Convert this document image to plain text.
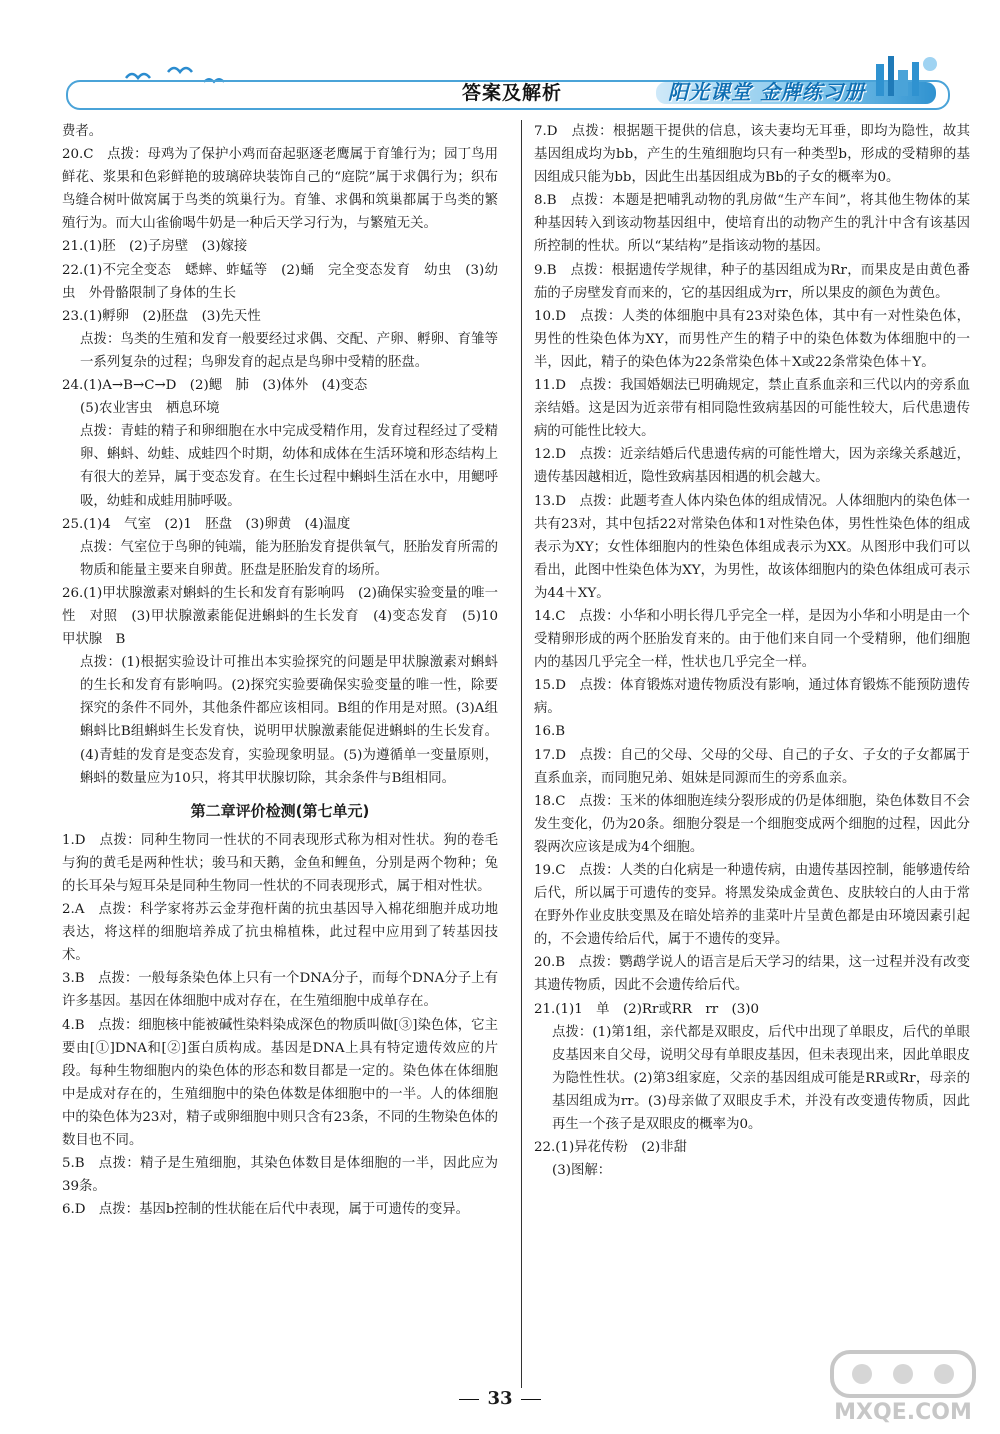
答案及解析	阳光课堂 金牌练习册

费者。

20.C　点拨：母鸡为了保护小鸡而奋起驱逐老鹰属于育雏行为；园丁鸟用鲜花、浆果和色彩鲜艳的玻璃碎块装饰自己的“庭院”属于求偶行为；织布鸟缝合树叶做窝属于鸟类的筑巢行为。育雏、求偶和筑巢都属于鸟类的繁殖行为。而大山雀偷喝牛奶是一种后天学习行为，与繁殖无关。

21.(1)胚　(2)子房壁　(3)嫁接

22.(1)不完全变态　蟋蟀、蚱蜢等　(2)蛹　完全变态发育　幼虫　(3)幼虫　外骨骼限制了身体的生长

23.(1)孵卵　(2)胚盘　(3)先天性

点拨：鸟类的生殖和发育一般要经过求偶、交配、产卵、孵卵、育雏等一系列复杂的过程；鸟卵发育的起点是鸟卵中受精的胚盘。

24.(1)A→B→C→D　(2)鳃　肺　(3)体外　(4)变态

(5)农业害虫　栖息环境

点拨：青蛙的精子和卵细胞在水中完成受精作用，发育过程经过了受精卵、蝌蚪、幼蛙、成蛙四个时期，幼体和成体在生活环境和形态结构上有很大的差异，属于变态发育。在生长过程中蝌蚪生活在水中，用鳃呼吸，幼蛙和成蛙用肺呼吸。

25.(1)4　气室　(2)1　胚盘　(3)卵黄　(4)温度

点拨：气室位于鸟卵的钝端，能为胚胎发育提供氧气，胚胎发育所需的物质和能量主要来自卵黄。胚盘是胚胎发育的场所。

26.(1)甲状腺激素对蝌蚪的生长和发育有影响吗　(2)确保实验变量的唯一性　对照　(3)甲状腺激素能促进蝌蚪的生长发育　(4)变态发育　(5)10　甲状腺　B

点拨：(1)根据实验设计可推出本实验探究的问题是甲状腺激素对蝌蚪的生长和发育有影响吗。(2)探究实验要确保实验变量的唯一性，除要探究的条件不同外，其他条件都应该相同。B组的作用是对照。(3)A组蝌蚪比B组蝌蚪生长发育快，说明甲状腺激素能促进蝌蚪的生长发育。(4)青蛙的发育是变态发育，实验现象明显。(5)为遵循单一变量原则，蝌蚪的数量应为10只，将其甲状腺切除，其余条件与B组相同。

第二章评价检测(第七单元)

1.D　点拨：同种生物同一性状的不同表现形式称为相对性状。狗的卷毛与狗的黄毛是两种性状；骏马和天鹅，金鱼和鲤鱼，分别是两个物种；兔的长耳朵与短耳朵是同种生物同一性状的不同表现形式，属于相对性状。

2.A　点拨：科学家将苏云金芽孢杆菌的抗虫基因导入棉花细胞并成功地表达，将这样的细胞培养成了抗虫棉植株，此过程中应用到了转基因技术。

3.B　点拨：一般每条染色体上只有一个DNA分子，而每个DNA分子上有许多基因。基因在体细胞中成对存在，在生殖细胞中成单存在。

4.B　点拨：细胞核中能被碱性染料染成深色的物质叫做[③]染色体，它主要由[①]DNA和[②]蛋白质构成。基因是DNA上具有特定遗传效应的片段。每种生物细胞内的染色体的形态和数目都是一定的。染色体在体细胞中是成对存在的，生殖细胞中的染色体数是体细胞中的一半。人的体细胞中的染色体为23对，精子或卵细胞中则只含有23条，不同的生物染色体的数目也不同。

5.B　点拨：精子是生殖细胞，其染色体数目是体细胞的一半，因此应为39条。

6.D　点拨：基因b控制的性状能在后代中表现，属于可遗传的变异。

7.D　点拨：根据题干提供的信息，该夫妻均无耳垂，即均为隐性，故其基因组成均为bb，产生的生殖细胞均只有一种类型b，形成的受精卵的基因组成只能为bb，因此生出基因组成为Bb的子女的概率为0。

8.B　点拨：本题是把哺乳动物的乳房做“生产车间”，将其他生物体的某种基因转入到该动物基因组中，使培育出的动物产生的乳汁中含有该基因所控制的性状。所以“某结构”是指该动物的基因。

9.B　点拨：根据遗传学规律，种子的基因组成为Rr，而果皮是由黄色番茄的子房壁发育而来的，它的基因组成为rr，所以果皮的颜色为黄色。

10.D　点拨：人类的体细胞中具有23对染色体，其中有一对性染色体，男性的性染色体为XY，而男性产生的精子中的染色体数为体细胞中的一半，因此，精子的染色体为22条常染色体＋X或22条常染色体＋Y。

11.D　点拨：我国婚姻法已明确规定，禁止直系血亲和三代以内的旁系血亲结婚。这是因为近亲带有相同隐性致病基因的可能性较大，后代患遗传病的可能性比较大。

12.D　点拨：近亲结婚后代患遗传病的可能性增大，因为亲缘关系越近，遗传基因越相近，隐性致病基因相遇的机会越大。

13.D　点拨：此题考查人体内染色体的组成情况。人体细胞内的染色体一共有23对，其中包括22对常染色体和1对性染色体，男性性染色体的组成表示为XY；女性体细胞内的性染色体组成表示为XX。从图形中我们可以看出，此图中性染色体为XY，为男性，故该体细胞内的染色体组成可表示为44＋XY。

14.C　点拨：小华和小明长得几乎完全一样，是因为小华和小明是由一个受精卵形成的两个胚胎发育来的。由于他们来自同一个受精卵，他们细胞内的基因几乎完全一样，性状也几乎完全一样。

15.D　点拨：体育锻炼对遗传物质没有影响，通过体育锻炼不能预防遗传病。

16.B

17.D　点拨：自己的父母、父母的父母、自己的子女、子女的子女都属于直系血亲，而同胞兄弟、姐妹是同源而生的旁系血亲。

18.C　点拨：玉米的体细胞连续分裂形成的仍是体细胞，染色体数目不会发生变化，仍为20条。细胞分裂是一个细胞变成两个细胞的过程，因此分裂两次应该是成为4个细胞。

19.C　点拨：人类的白化病是一种遗传病，由遗传基因控制，能够遗传给后代，所以属于可遗传的变异。将黑发染成金黄色、皮肤较白的人由于常在野外作业皮肤变黑及在暗处培养的韭菜叶片呈黄色都是由环境因素引起的，不会遗传给后代，属于不遗传的变异。

20.B　点拨：鹦鹉学说人的语言是后天学习的结果，这一过程并没有改变其遗传物质，因此不会遗传给后代。

21.(1)1　单　(2)Rr或RR　rr　(3)0

点拨：(1)第1组，亲代都是双眼皮，后代中出现了单眼皮，后代的单眼皮基因来自父母，说明父母有单眼皮基因，但未表现出来，因此单眼皮为隐性性状。(2)第3组家庭，父亲的基因组成可能是RR或Rr，母亲的基因组成为rr。(3)母亲做了双眼皮手术，并没有改变遗传物质，因此再生一个孩子是双眼皮的概率为0。

22.(1)异花传粉　(2)非甜

(3)图解：

33
MXQE.COM
